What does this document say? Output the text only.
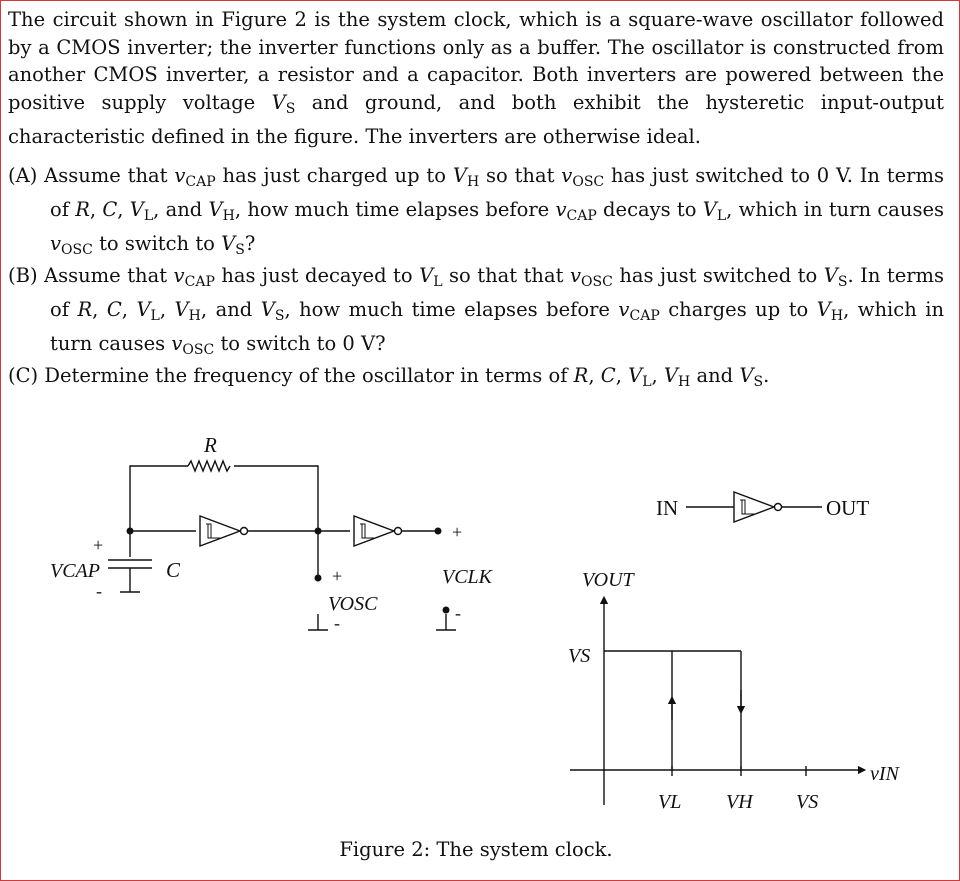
The circuit shown in Figure 2 is the system clock, which is a square-wave oscillator followed by a CMOS inverter; the inverter functions only as a buffer. The oscillator is constructed from another CMOS inverter, a resistor and a capacitor. Both inverters are powered between the positive supply voltage $V_S$ and ground, and both exhibit the hysteretic input-output characteristic defined in the figure. The inverters are otherwise ideal.
(A) Assume that $v_{CAP}$ has just charged up to $V_H$ so that $v_{OSC}$ has just switched to 0 V. In terms of R, C, $V_L$, and $V_H$, how much time elapses before $v_{CAP}$ decays to $V_L$, which in turn causes $v_{OSC}$ to switch to $V_S$?
(B) Assume that $v_{CAP}$ has just decayed to $V_L$ so that that $v_{OSC}$ has just switched to $V_S$. In terms of R, C, $V_L$, $V_H$, and $V_S$, how much time elapses before $v_{CAP}$ charges up to $V_H$, which in turn causes $v_{OSC}$ to switch to 0 V?
(C) Determine the frequency of the oscillator in terms of R, C, $V_L$, $V_H$ and $V_S$.
R
C
+
VCAP
-
+
VOSC
-
+
VCLK
-
IN	OUT
VOUT
vIN
VS
VL VH VS
Figure 2: The system clock.
